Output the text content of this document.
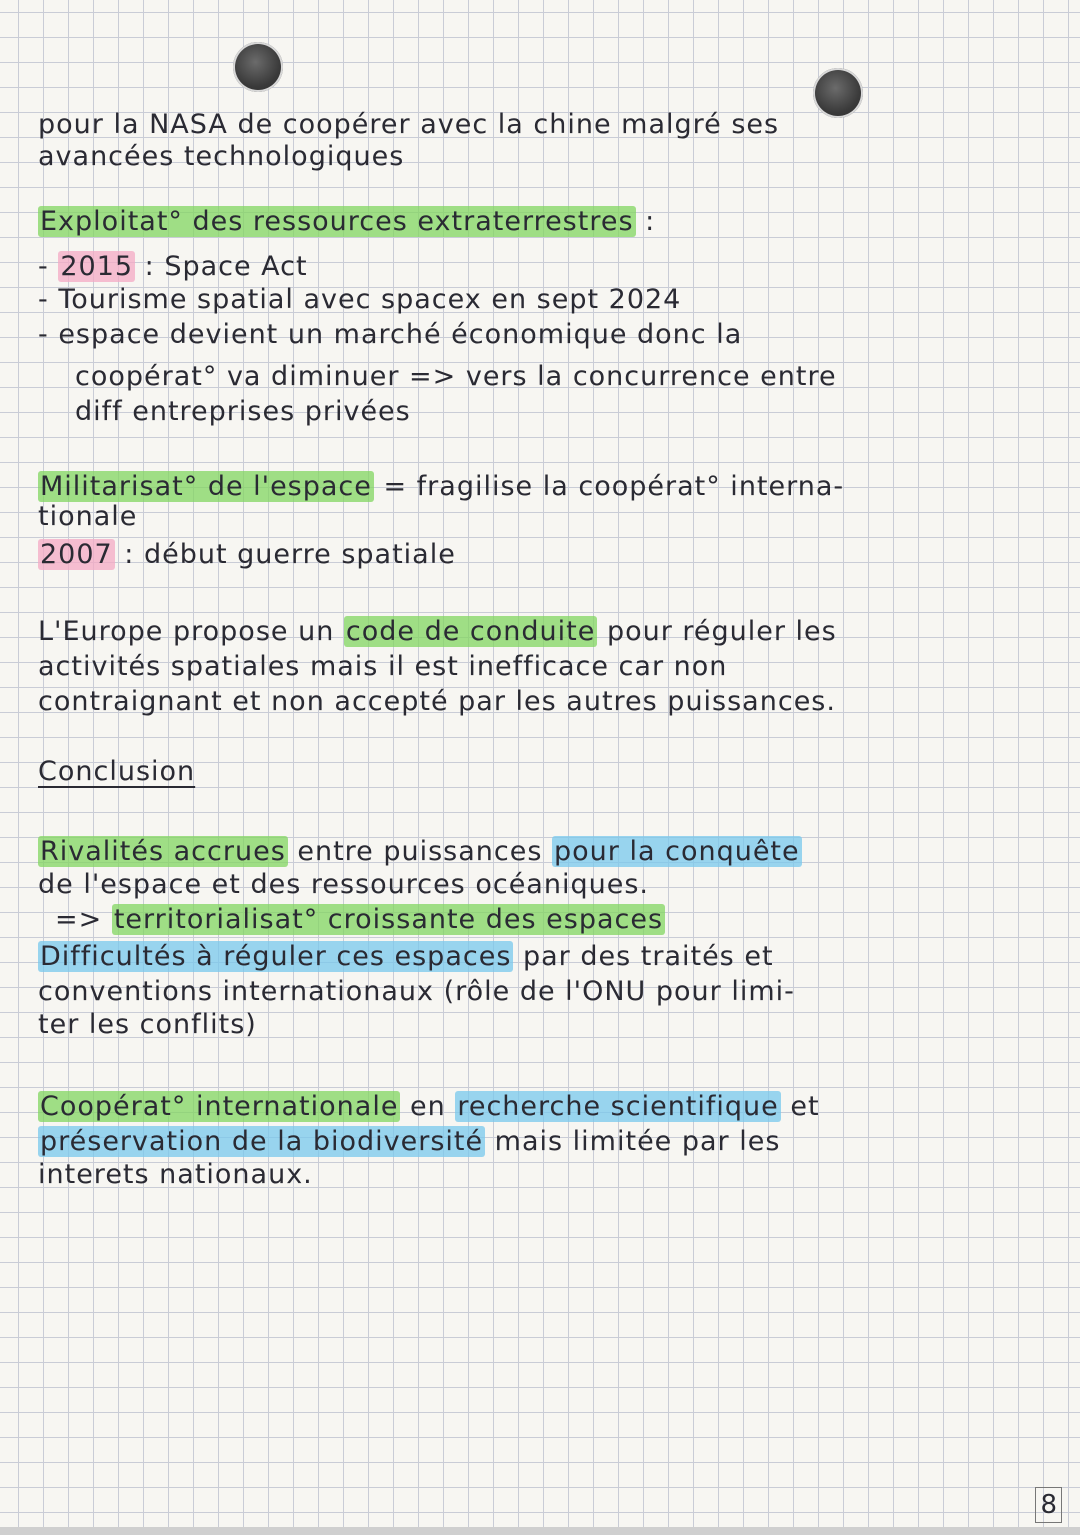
pour la NASA de coopérer avec la chine malgré ses
avancées technologiques
Exploitat° des ressources extraterrestres :
- 2015 : Space Act
- Tourisme spatial avec spacex en sept 2024
- espace devient un marché économique donc la
coopérat° va diminuer => vers la concurrence entre
diff entreprises privées
Militarisat° de l'espace = fragilise la coopérat° interna-
tionale
2007 : début guerre spatiale
L'Europe propose un code de conduite pour réguler les
activités spatiales mais il est inefficace car non
contraignant et non accepté par les autres puissances.
Conclusion
Rivalités accrues entre puissances pour la conquête
de l'espace et des ressources océaniques.
=> territorialisat° croissante des espaces
Difficultés à réguler ces espaces par des traités et
conventions internationaux (rôle de l'ONU pour limi-
ter les conflits)
Coopérat° internationale en recherche scientifique et
préservation de la biodiversité mais limitée par les
interets nationaux.
8
